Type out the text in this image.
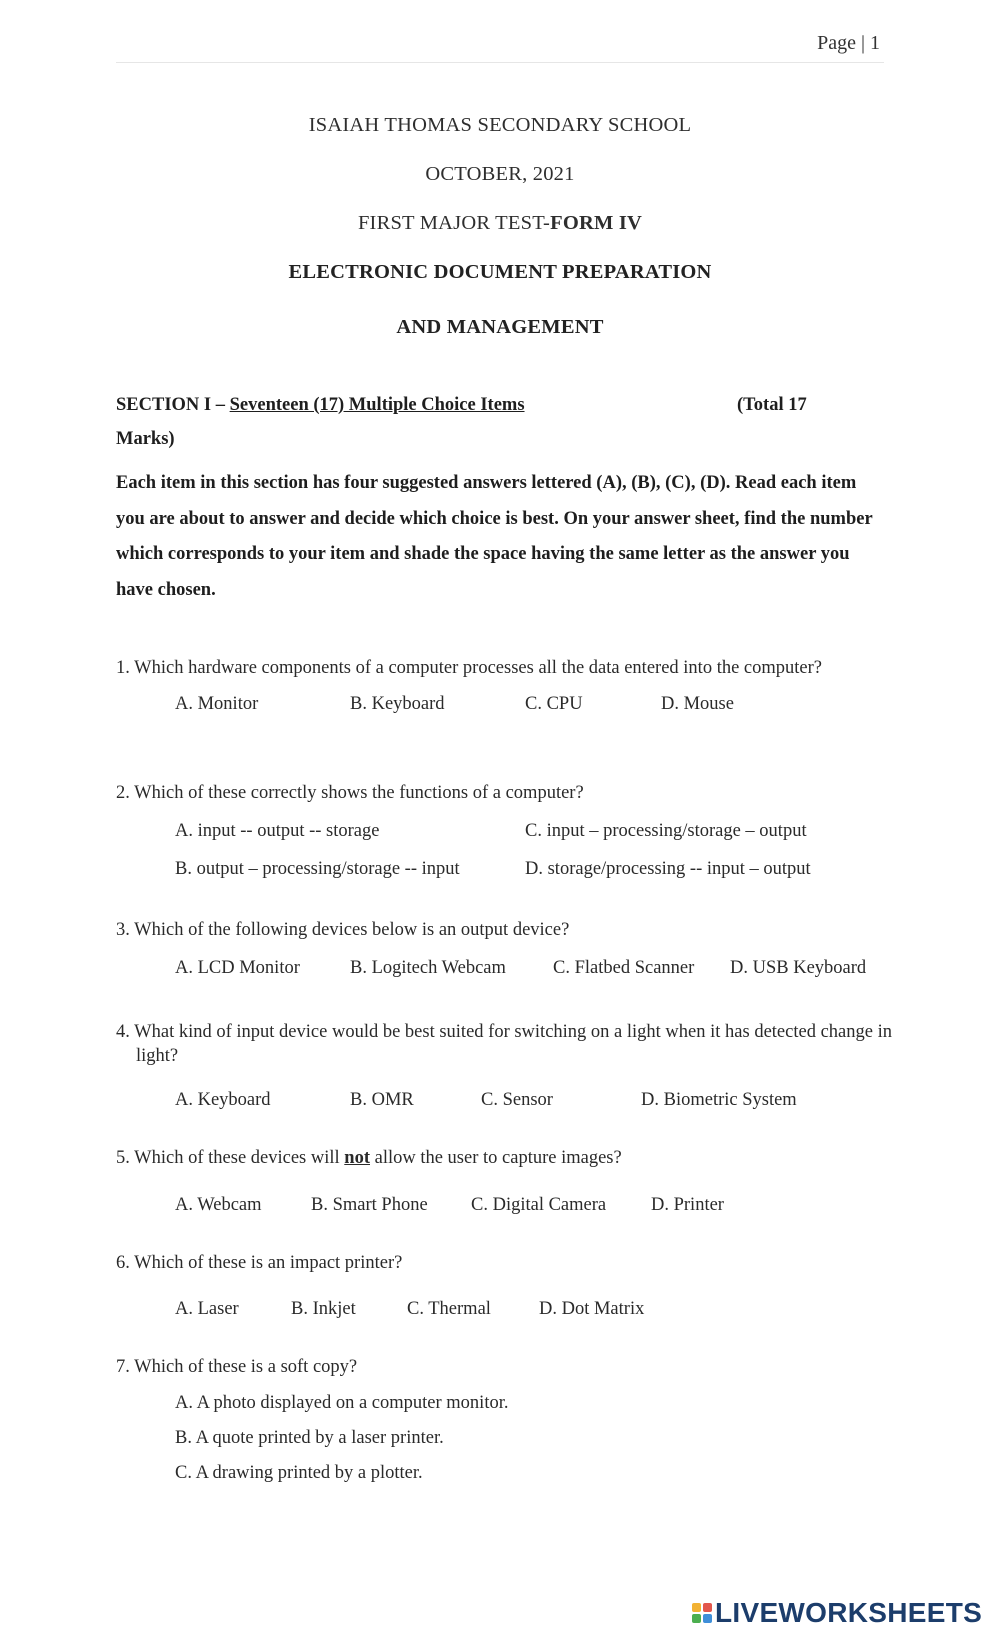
Page | 1
ISAIAH THOMAS SECONDARY SCHOOL
OCTOBER, 2021
FIRST MAJOR TEST-FORM IV
ELECTRONIC DOCUMENT PREPARATION
AND MANAGEMENT
SECTION I – Seventeen (17) Multiple Choice Items	(Total 17
Marks)
Each item in this section has four suggested answers lettered (A), (B), (C), (D). Read each item you are about to answer and decide which choice is best. On your answer sheet, find the number which corresponds to your item and shade the space having the same letter as the answer you have chosen.
1. Which hardware components of a computer processes all the data entered into the computer?
A. Monitor	B. Keyboard	C. CPU	D. Mouse
2. Which of these correctly shows the functions of a computer?
A. input -- output -- storage	C. input – processing/storage – output
B. output – processing/storage -- input	D. storage/processing -- input – output
3. Which of the following devices below is an output device?
A. LCD Monitor	B. Logitech Webcam	C. Flatbed Scanner D. USB Keyboard
4. What kind of input device would be best suited for switching on a light when it has detected change in light?
A. Keyboard	B. OMR	C. Sensor	D. Biometric System
5. Which of these devices will not allow the user to capture images?
A. Webcam	B. Smart Phone C. Digital Camera D. Printer
6. Which of these is an impact printer?
A. Laser	B. Inkjet	C. Thermal	D. Dot Matrix
7. Which of these is a soft copy?
A. A photo displayed on a computer monitor.
B. A quote printed by a laser printer.
C. A drawing printed by a plotter.
LIVEWORKSHEETS
